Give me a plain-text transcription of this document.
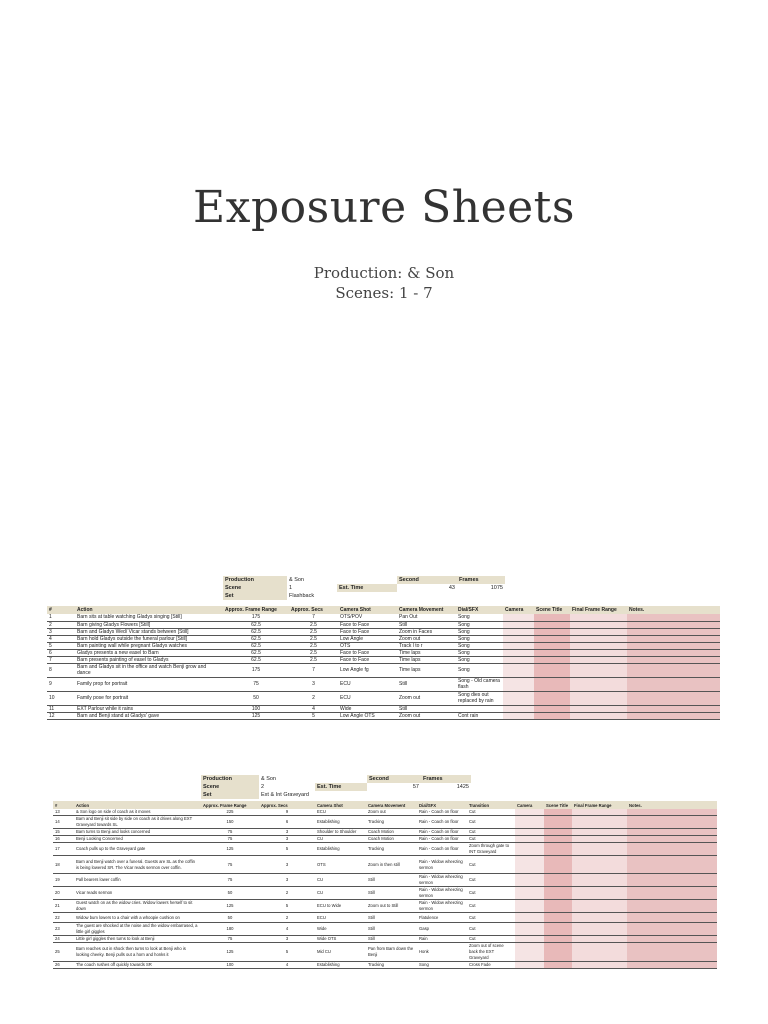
Exposure Sheets
Production: & Son
Scenes: 1 - 7
Production	& Son		Second	Frames
Scene	1	Est. Time	43	1075
Set	Flashback			
#	Action	Approx. Frame Range	Approx. Secs	Camera Shot	Camera Movement	Dial/SFX	Camera	Scene Title	Final Frame Range	Notes.
1	Barn sits at table watching Gladys singing [Still]	175	7	OTS/POV	Pan Out	Song				
2	Barn giving Gladys Flowers [Still]	62.5	2.5	Face to Face	Still	Song				
3	Barn and Gladys Wed/ Vicar stands between [Still]	62.5	2.5	Face to Face	Zoom in Faces	Song				
4	Barn hold Gladys outside the funeral parlour [Still]	62.5	2.5	Low Angle	Zoom out	Song				
5	Barn painting wall while pregnant Gladys watches	62.5	2.5	OTS	Track l to r	Song				
6	Gladys presents a new easel to Barn	62.5	2.5	Face to Face	Time laps	Song				
7	Barn presents painting of easel to Gladys	62.5	2.5	Face to Face	Time laps	Song				
8	Barn and Gladys sit in the office and watch Benji grow and dance	175	7	Low Angle fg	Time laps	Song				
9	Family prop for portrait	75	3	ECU	Still	Song - Old camera flash				
10	Family pose for portrait	50	2	ECU	Zoom out	Song dies out replaced by rain				
11	EXT Parlour while it rains	100	4	Wide	Still					
12	Barn and Benji stand at Gladys' gave	125	5	Low Angle OTS	Zoom out	Cont rain				
Production	& Son		Second	Frames
Scene	2	Est. Time	57	1425
Set	Ext & Int Graveyard			
#	Action	Approx. Frame Range	Approx. Secs	Camera Shot	Camera Movement	Dial/SFX	Transition	Camera	Scene Title	Final Frame Range	Notes.
13	& Son logo on side of coach as it moves	225	9	ECU	Zoom out	Rain - Coach on floor	Cut				
14	Barn and Benji sit side by side on coach as it drives along EXT Graveyard towards SL	150	6	Establishing	Tracking	Rain - Coach on floor	Cut				
15	Barn turns to Benji and looks concerned	75	3	Shoulder to Shoulder	Coach Motion	Rain - Coach on floor	Cut				
16	Benji Looking Concerned	75	3	CU	Coach Motion	Rain - Coach on floor	Cut				
17	Coach pulls up to the Graveyard gate	125	5	Establishing	Tracking	Rain - Coach on floor	Zoom through gate to INT Graveyard				
18	Barn and Benji watch over a funeral. Guests are SL as the coffin is being lowered SR. The Vicar reads sermon over coffin.	75	3	OTS	Zoom in then still	Rain - Widow wheezing sermon	Cut				
19	Pall bearers lower coffin	75	3	CU	Still	Rain - Widow wheezing sermon	Cut				
20	Vicar reads sermon	50	2	CU	Still	Rain - Widow wheezing sermon	Cut				
21	Guest watch on as the widow cries. Widow lowers herself to sit down	125	5	ECU to Wide	Zoom out to Still	Rain - Widow wheezing sermon	Cut				
22	Widow bum lowers to a chair with a whoopie cushion on	50	2	ECU	Still	Flatulence	Cut				
23	The guest are shocked at the noise and the widow embarrased, a little girl giggles	180	4	Wide	Still	Gasp	Cut				
24	Little girl giggles then turns to look at Benji	75	3	Wide OTS	Still	Rain	Cut				
25	Barn reaches out in shock then turns to look at Benji who is looking cheeky. Benji pulls out a horn and honks it	125	5	Mid CU	Pan from Barn down the Benji	Honk	Zoom out of scene back the EXT Graveyard				
26	The coach rushes off quickly towards SR	100	4	Establishing	Tracking	Song	Cross Fade				
